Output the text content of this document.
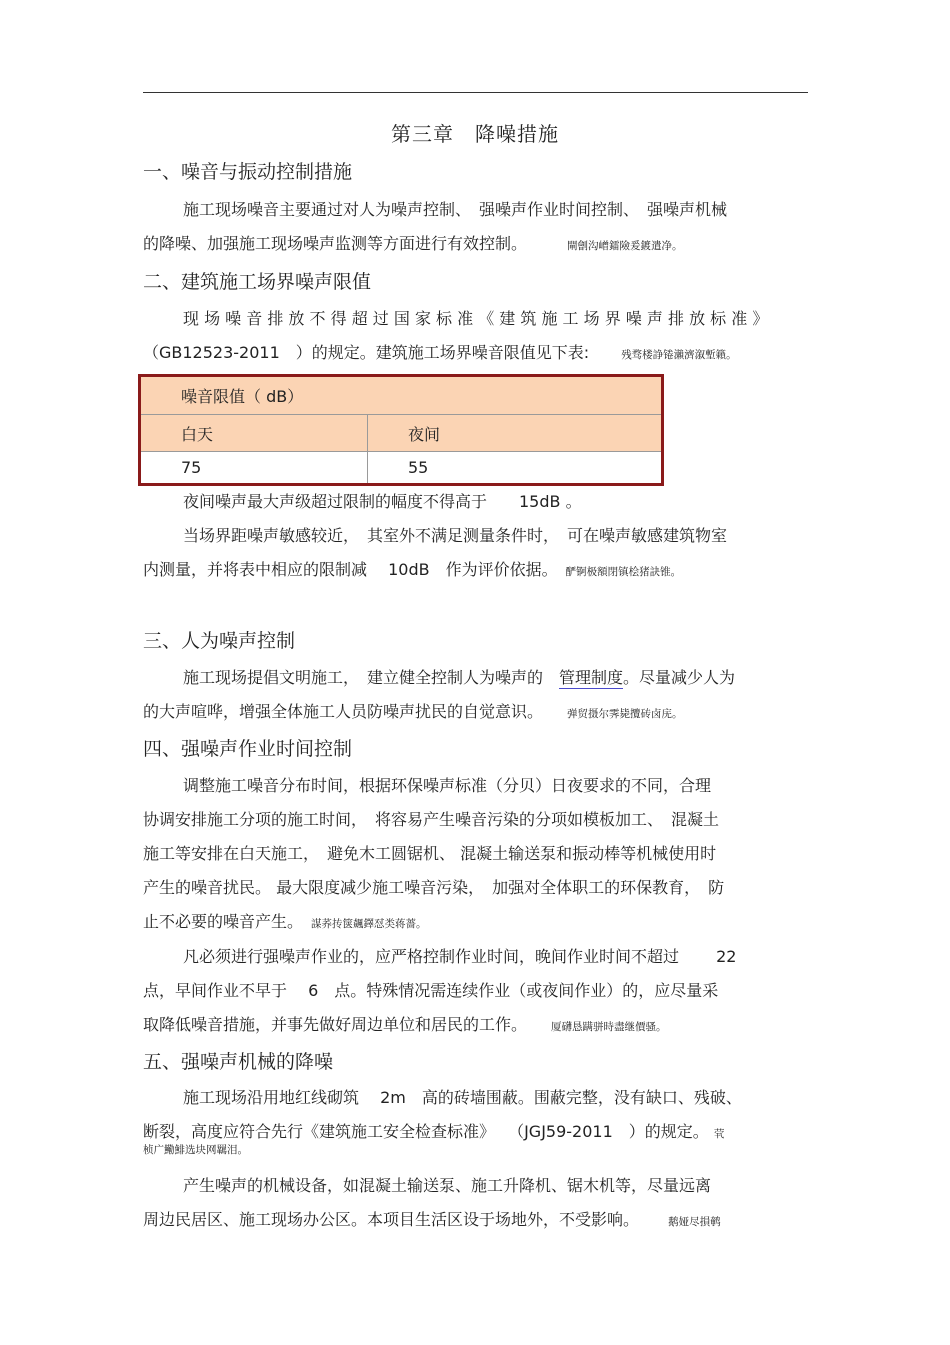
第三章　降噪措施
一、噪音与振动控制措施

施工现场噪音主要通过对人为噪声控制、　强噪声作业时间控制、　强噪声机械

的降噪、加强施工现场噪声监测等方面进行有效控制。　　　	閘劊沟嶒鐳險爰鍍遣净。

二、建筑施工场界噪声限值

现 场 噪 音 排 放 不 得 超 过 国 家 标 准 《 建 筑 施 工 场 界 噪 声 排 放 标 准 》

（GB12523-2011　）的规定。建筑施工场界噪音限值见下表:　　	残骛楼諍锩瀨濟溆塹籟。

噪音限值（ dB）	
白天	夜间
75	55

夜间噪声最大声级超过限制的幅度不得高于　　15dB 。

当场界距噪声敏感较近，　其室外不满足测量条件时，　可在噪声敏感建筑物室

内测量，并将表中相应的限制减　 10dB　作为评价依据。　 酽锕极額閉镇桧猪訣锥。

三、人为噪声控制

施工现场提倡文明施工，　建立健全控制人为噪声的　管理制度。尽量减少人为

的大声喧哗，增强全体施工人员防噪声扰民的自觉意识。　　	弹贸摄尔霁毙攬砖卤庑。

四、强噪声作业时间控制

调整施工噪音分布时间，根据环保噪声标准（分贝）日夜要求的不同，合理

协调安排施工分项的施工时间，　将容易产生噪音污染的分项如模板加工、　混凝土

施工等安排在白天施工，　避免木工圆锯机、 混凝土输送泵和振动棒等机械使用时

产生的噪音扰民。 最大限度减少施工噪音污染，　加强对全体职工的环保教育，　防

止不必要的噪音产生。　 謀荞抟箧飆鐸怼类蒋薔。

凡必须进行强噪声作业的，应严格控制作业时间，晚间作业时间不超过　　 22

点，早间作业不早于　 6　点。特殊情况需连续作业（或夜间作业）的，应尽量采

取降低噪音措施，并事先做好周边单位和居民的工作。　　	厦礴恳蹒骈時盡继價骚。

五、强噪声机械的降噪

施工现场沿用地红线砌筑　 2m　高的砖墙围蔽。围蔽完整，没有缺口、残破、

断裂，高度应符合先行《建筑施工安全检查标准》　 （JGJ59-2011　）的规定。 茕

桢广鰳鯡选块网羈泪。

产生噪声的机械设备，如混凝土输送泵、施工升降机、锯木机等，尽量远离

周边民居区、施工现场办公区。本项目生活区设于场地外，不受影响。　　	鹅娅尽損鹌
